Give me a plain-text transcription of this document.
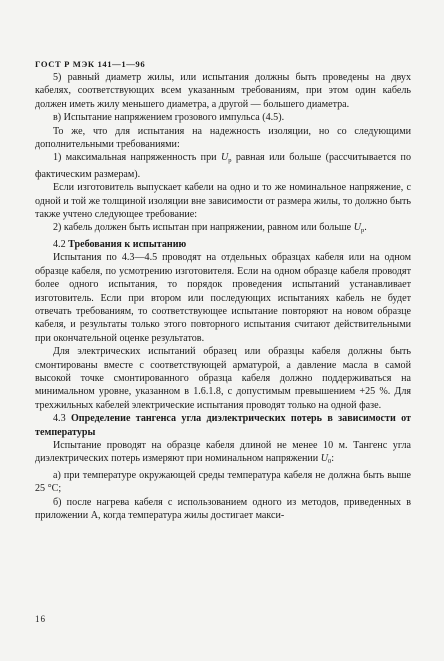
ГОСТ Р МЭК 141—1—96

5) равный диаметр жилы, или испытания должны быть проведены на двух кабелях, соответствующих всем указанным требованиям, при этом один кабель должен иметь жилу меньшего диаметра, а другой — большего диаметра.

в) Испытание напряжением грозового импульса (4.5).

То же, что для испытания на надежность изоляции, но со следующими дополнительными требованиями:

1) максимальная напряженность при $U_р$ равная или больше (рассчитывается по фактическим размерам).

Если изготовитель выпускает кабели на одно и то же номинальное напряжение, с одной и той же толщиной изоляции вне зависимости от размера жилы, то должно быть также учтено следующее требование:

2) кабель должен быть испытан при напряжении, равном или больше $U_р$.

4.2 Требования к испытанию

Испытания по 4.3—4.5 проводят на отдельных образцах кабеля или на одном образце кабеля, по усмотрению изготовителя. Если на одном образце кабеля проводят более одного испытания, то порядок проведения испытаний устанавливает изготовитель. Если при втором или последующих испытаниях кабель не будет отвечать требованиям, то соответствующее испытание повторяют на новом образце кабеля, и результаты только этого повторного испытания считают действительными при окончательной оценке результатов.

Для электрических испытаний образец или образцы кабеля должны быть смонтированы вместе с соответствующей арматурой, а давление масла в самой высокой точке смонтированного образца кабеля должно поддерживаться на минимальном уровне, указанном в 1.6.1.8, с допустимым превышением +25 %. Для трехжильных кабелей электрические испытания проводят только на одной фазе.

4.3 Определение тангенса угла диэлектрических потерь в зависимости от температуры

Испытание проводят на образце кабеля длиной не менее 10 м. Тангенс угла диэлектрических потерь измеряют при номинальном напряжении $U_0$:

а) при температуре окружающей среды температура кабеля не должна быть выше 25 °С;

б) после нагрева кабеля с использованием одного из методов, приведенных в приложении А, когда температура жилы достигает макси-

16
